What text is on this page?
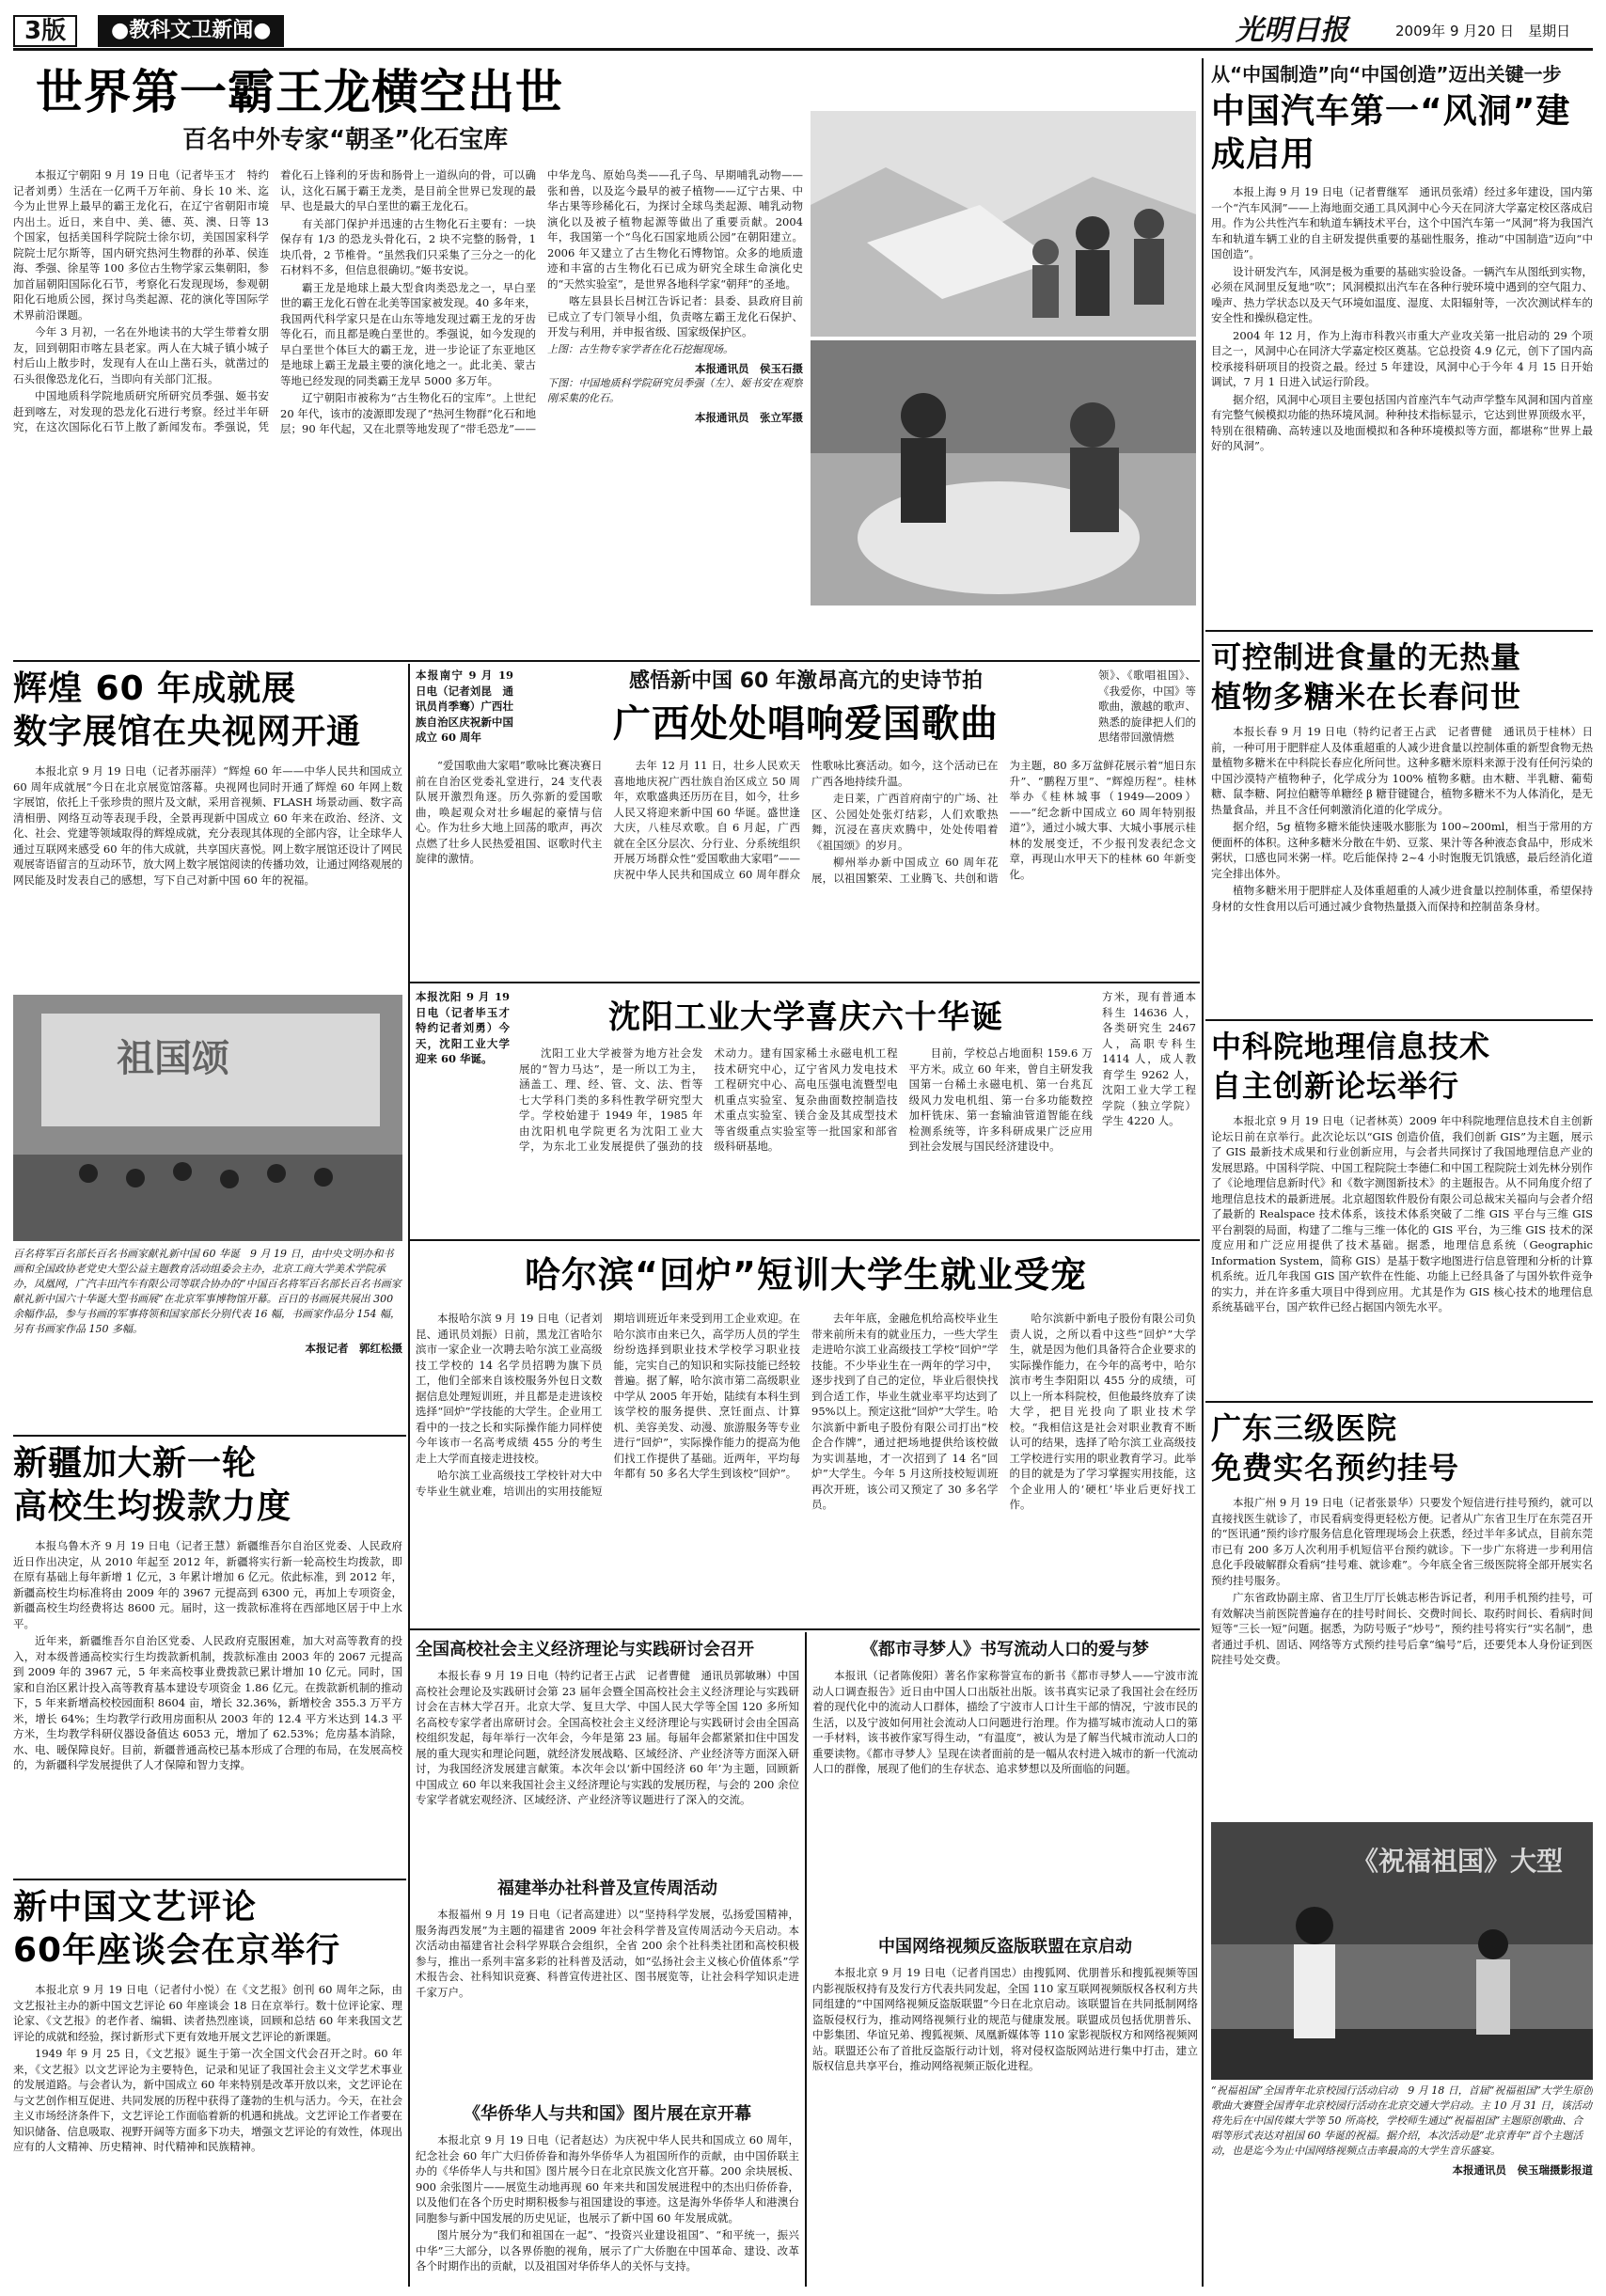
3版	●教科文卫新闻●	光明日报	2009年 9 月20 日　星期日
世界第一霸王龙横空出世
百名中外专家“朝圣”化石宝库

本报辽宁朝阳 9 月 19 日电（记者毕玉才　特约记者刘勇）生活在一亿两千万年前、身长 10 米、迄今为止世界上最早的霸王龙化石，在辽宁省朝阳市境内出土。近日，来自中、美、德、英、澳、日等 13 个国家，包括美国科学院院士徐尔切，美国国家科学院院士尼尔斯等，国内研究热河生物群的孙革、侯连海、季强、徐星等 100 多位古生物学家云集朝阳，参加首届朝阳国际化石节，考察化石发现现场，参观朝阳化石地质公园，探讨鸟类起源、花的演化等国际学术界前沿课题。

今年 3 月初，一名在外地读书的大学生带着女朋友，回到朝阳市喀左县老家。两人在大城子镇小城子村后山上散步时，发现有人在山上凿石头，就凿过的石头很像恐龙化石，当即向有关部门汇报。

中国地质科学院地质研究所研究员季强、姬书安赶到喀左，对发现的恐龙化石进行考察。经过半年研究，在这次国际化石节上散了新闻发布。季强说，凭着化石上锋利的牙齿和肠骨上一道纵向的骨，可以确认，这化石属于霸王龙类，是目前全世界已发现的最早、也是最大的早白垩世的霸王龙化石。

有关部门保护并迅速的古生物化石主要有：一块保存有 1/3 的恐龙头骨化石，2 块不完整的肠骨，1 块爪骨，2 节椎骨。“虽然我们只采集了三分之一的化石材料不多，但信息很确切。”姬书安说。

霸王龙是地球上最大型食肉类恐龙之一，早白垩世的霸王龙化石曾在北美等国家被发现。40 多年来，我国两代科学家只是在山东等地发现过霸王龙的牙齿等化石，而且都是晚白垩世的。季强说，如今发现的早白垩世个体巨大的霸王龙，进一步论证了东亚地区是地球上霸王龙最主要的演化地之一。此北美、蒙古等地已经发现的同类霸王龙早 5000 多万年。

辽宁朝阳市被称为“古生物化石的宝库”。上世纪 20 年代，该市的凌源即发现了“热河生物群”化石和地层；90 年代起，又在北票等地发现了“带毛恐龙”——中华龙鸟、原始鸟类——孔子鸟、早期哺乳动物——张和兽，以及迄今最早的被子植物——辽宁古果、中华古果等珍稀化石，为探讨全球鸟类起源、哺乳动物演化以及被子植物起源等做出了重要贡献。2004 年，我国第一个“鸟化石国家地质公园”在朝阳建立。2006 年又建立了古生物化石博物馆。众多的地质遗迹和丰富的古生物化石已成为研究全球生命演化史的“天然实验室”，是世界各地科学家“朝拜”的圣地。

喀左县县长吕树江告诉记者：县委、县政府目前已成立了专门领导小组，负责喀左霸王龙化石保护、开发与利用，并申报省级、国家级保护区。

上图：古生物专家学者在化石挖掘现场。
本报通讯员　侯玉石摄
下图：中国地质科学院研究员季强（左）、姬书安在观察刚采集的化石。
本报通讯员　张立军摄
从“中国制造”向“中国创造”迈出关键一步
中国汽车第一“风洞”建成启用

本报上海 9 月 19 日电（记者曹继军　通讯员张靖）经过多年建设，国内第一个“汽车风洞”——上海地面交通工具风洞中心今天在同济大学嘉定校区落成启用。作为公共性汽车和轨道车辆技术平台，这个中国汽车第一“风洞”将为我国汽车和轨道车辆工业的自主研发提供重要的基础性服务，推动“中国制造”迈向“中国创造”。

设计研发汽车，风洞是极为重要的基础实验设备。一辆汽车从图纸到实物，必须在风洞里反复地“吹”；风洞模拟出汽车在各种行驶环境中遇到的空气阻力、噪声、热力学状态以及天气环境如温度、湿度、太阳辐射等，一次次测试样车的安全性和操纵稳定性。

2004 年 12 月，作为上海市科教兴市重大产业攻关第一批启动的 29 个项目之一，风洞中心在同济大学嘉定校区奠基。它总投资 4.9 亿元，创下了国内高校承接科研项目的投资之最。经过 5 年建设，风洞中心于今年 4 月 15 日开始调试，7 月 1 日进入试运行阶段。

据介绍，风洞中心项目主要包括国内首座汽车气动声学整车风洞和国内首座有完整气候模拟功能的热环境风洞。种种技术指标显示，它达到世界顶级水平，特别在很精确、高转速以及地面模拟和各种环境模拟等方面，都堪称“世界上最好的风洞”。

辉煌 60 年成就展
数字展馆在央视网开通

本报北京 9 月 19 日电（记者苏丽萍）“辉煌 60 年——中华人民共和国成立 60 周年成就展”今日在北京展览馆落幕。央视网也同时开通了辉煌 60 年网上数字展馆，依托上千张珍贵的照片及文献，采用音视频、FLASH 场景动画、数字高清相册、网络互动等表现手段，全景再现新中国成立 60 年来在政治、经济、文化、社会、党建等领域取得的辉煌成就，充分表现其体现的全部内容，让全球华人通过互联网来感受 60 年的伟大成就，共享国庆喜悦。网上数字展馆还设计了网民观展寄语留言的互动环节，放大网上数字展馆阅读的传播功效，让通过网络观展的网民能及时发表自己的感想，写下自己对新中国 60 年的祝福。

祖国颂
百名将军百名部长百名书画家献礼新中国 60 华诞　9 月 19 日，由中央文明办和书画和全国政协老党史大型公益主题教育活动组委会主办，北京工商大学美术学院承办，凤凰网，广汽丰田汽车有限公司等联合协办的“中国百名将军百名部长百名书画家献礼新中国六十华诞大型书画展”在北京军事博物馆开幕。百日的书画展共展出 300 余幅作品，参与书画的军事将领和国家部长分别代表 16 幅，书画家作品分 154 幅，另有书画家作品 150 多幅。
本报记者　郭红松摄
新疆加大新一轮
高校生均拨款力度

本报乌鲁木齐 9 月 19 日电（记者王慧）新疆维吾尔自治区党委、人民政府近日作出决定，从 2010 年起至 2012 年，新疆将实行新一轮高校生均拨款，即在原有基础上每年新增 1 亿元，3 年累计增加 6 亿元。依此标准，到 2012 年，新疆高校生均标准将由 2009 年的 3967 元提高到 6300 元，再加上专项资金，新疆高校生均经费将达 8600 元。届时，这一拨款标准将在西部地区居于中上水平。

近年来，新疆维吾尔自治区党委、人民政府克服困难，加大对高等教育的投入，对本级普通高校实行生均拨款新机制，拨款标准由 2003 年的 2067 元提高到 2009 年的 3967 元，5 年来高校事业费拨款已累计增加 10 亿元。同时，国家和自治区累计投入高等教育基本建设专项资金 1.86 亿元。在拨款新机制的推动下，5 年来新增高校校园面积 8604 亩，增长 32.36%，新增校舍 355.3 万平方米，增长 64%；生均教学行政用房面积从 2003 年的 12.4 平方米达到 14.3 平方米，生均教学科研仪器设备值达 6053 元，增加了 62.53%；危房基本消除，水、电、暖保障良好。目前，新疆普通高校已基本形成了合理的布局，在发展高校的，为新疆科学发展提供了人才保障和智力支撑。

新中国文艺评论
60年座谈会在京举行

本报北京 9 月 19 日电（记者付小悦）在《文艺报》创刊 60 周年之际，由文艺报社主办的新中国文艺评论 60 年座谈会 18 日在京举行。数十位评论家、理论家、《文艺报》的老作者、编辑、读者热烈座谈，回顾和总结 60 年来我国文艺评论的成就和经验，探讨新形式下更有效地开展文艺评论的新课题。

1949 年 9 月 25 日，《文艺报》诞生于第一次全国文代会召开之时。60 年来，《文艺报》以文艺评论为主要特色，记录和见证了我国社会主义文学艺术事业的发展道路。与会者认为，新中国成立 60 年来特别是改革开放以来，文艺评论在与文艺创作相互促进、共同发展的历程中获得了蓬勃的生机与活力。今天，在社会主义市场经济条件下，文艺评论工作面临着新的机遇和挑战。文艺评论工作者要在知识储备、信息吸取、视野开阔等方面多下功夫，增强文艺评论的有效性，体现出应有的人文精神、历史精神、时代精神和民族精神。

本报南宁 9 月 19 日电（记者刘昆　通讯员肖季骞）广西壮族自治区庆祝新中国成立 60 周年
感悟新中国 60 年激昂高亢的史诗节拍
广西处处唱响爱国歌曲
领》、《歌唱祖国》、《我爱你，中国》等歌曲，激越的歌声、熟悉的旋律把人们的思绪带回激情燃

“爱国歌曲大家唱”歌咏比赛决赛日前在自治区党委礼堂进行，24 支代表队展开激烈角逐。历久弥新的爱国歌曲，唤起观众对壮乡崛起的豪情与信心。作为壮乡大地上回荡的歌声，再次点燃了壮乡人民热爱祖国、讴歌时代主旋律的激情。

去年 12 月 11 日，壮乡人民欢天喜地地庆祝广西壮族自治区成立 50 周年，欢歌盛典还历历在目，如今，壮乡人民又将迎来新中国 60 华诞。盛世逢大庆，八桂尽欢歌。自 6 月起，广西就在全区分层次、分行业、分系统组织开展万场群众性“爱国歌曲大家唱”——庆祝中华人民共和国成立 60 周年群众性歌咏比赛活动。如今，这个活动已在广西各地持续升温。

走日莱，广西首府南宁的广场、社区、公园处处张灯结彩，人们欢歌热舞，沉浸在喜庆欢腾中，处处传唱着《祖国颂》的岁月。

柳州举办新中国成立 60 周年花展，以祖国繁荣、工业腾飞、共创和谐为主题，80 多万盆鲜花展示着“旭日东升”、“鹏程万里”、“辉煌历程”。桂林举办《桂林城事（1949—2009）——“纪念新中国成立 60 周年特别报道”》，通过小城大事、大城小事展示桂林的发展变迁，不少报刊发表纪念文章，再现山水甲天下的桂林 60 年新变化。

本报沈阳 9 月 19 日电（记者毕玉才　特约记者刘勇）今天，沈阳工业大学迎来 60 华诞。
沈阳工业大学喜庆六十华诞

沈阳工业大学被誉为地方社会发展的“智力马达”，是一所以工为主，涵盖工、理、经、管、文、法、哲等七大学科门类的多科性教学研究型大学。学校始建于 1949 年，1985 年由沈阳机电学院更名为沈阳工业大学，为东北工业发展提供了强劲的技术动力。建有国家稀土永磁电机工程技术研究中心，辽宁省风力发电技术工程研究中心、高电压强电流暨型电机重点实验室、复杂曲面数控制造技术重点实验室、镁合金及其成型技术等省级重点实验室等一批国家和部省级科研基地。

目前，学校总占地面积 159.6 万平方米。成立 60 年来，曾自主研发我国第一台稀土永磁电机、第一台兆瓦级风力发电机组、第一台多功能数控加杆铣床、第一套输油管道智能在线检测系统等，许多科研成果广泛应用到社会发展与国民经济建设中。

方米，现有普通本科生 14636 人，各类研究生 2467 人，高职专科生 1414 人，成人教育学生 9262 人，沈阳工业大学工程学院（独立学院）学生 4220 人。
哈尔滨“回炉”短训大学生就业受宠

本报哈尔滨 9 月 19 日电（记者刘昆、通讯员刘振）日前，黑龙江省哈尔滨市一家企业一次聘去哈尔滨工业高级技工学校的 14 名学员招聘为旗下员工，他们全部来自该校服务外包日文数据信息处理短训班，并且都是走进该校选择“回炉”学技能的大学生。企业用工看中的一技之长和实际操作能力同样使今年该市一名高考成绩 455 分的考生走上大学而直接走进技校。

哈尔滨工业高级技工学校针对大中专毕业生就业难，培训出的实用技能短期培训班近年来受到用工企业欢迎。在哈尔滨市由来已久，高学历人员的学生纷纷选择到职业技术学校学习职业技能，完实自己的知识和实际技能已经较普遍。据了解，哈尔滨市第二高级职业中学从 2005 年开始，陆续有本科生到该学校的服务提供、烹饪面点、计算机、美容美发、动漫、旅游服务等专业进行“回炉”，实际操作能力的提高为他们找工作提供了基础。近两年，平均每年都有 50 多名大学生到该校“回炉”。

去年年底，金融危机给高校毕业生带来前所未有的就业压力，一些大学生走进哈尔滨工业高级技工学校“回炉”学技能。不少毕业生在一两年的学习中，逐步找到了自己的定位，毕业后很快找到合适工作，毕业生就业率平均达到了95%以上。预定这批“回炉”大学生。哈尔滨新中新电子股份有限公司打出“校企合作牌”，通过把场地提供给该校做为实训基地，才一次招到了 14 名“回炉”大学生。今年 5 月这所技校短训班再次开班，该公司又预定了 30 多名学员。

哈尔滨新中新电子股份有限公司负责人说，之所以看中这些“回炉”大学生，就是因为他们具备符合企业要求的实际操作能力，在今年的高考中，哈尔滨市考生李阳阳以 455 分的成绩，可以上一所本科院校，但他最终放弃了读大学，把目光投向了职业技术学校。“我相信这是社会对职业教育不断认可的结果，选择了哈尔滨工业高级技工学校进行实用的职业教育学习。此举的目的就是为了学习掌握实用技能，这个企业用人的‘硬杠’毕业后更好找工作。

全国高校社会主义经济理论与实践研讨会召开

本报长春 9 月 19 日电（特约记者王占武　记者曹健　通讯员郭敏琳）中国高校社会理论及实践研讨会第 23 届年会暨全国高校社会主义经济理论与实践研讨会在吉林大学召开。北京大学、复旦大学、中国人民大学等全国 120 多所知名高校专家学者出席研讨会。全国高校社会主义经济理论与实践研讨会由全国高校组织发起，每年举行一次年会，今年是第 23 届。每届年会都紧紧扣住中国发展的重大现实和理论问题，就经济发展战略、区域经济、产业经济等方面深入研讨，为我国经济发展建言献策。本次年会以‘新中国经济 60 年’为主题，回顾新中国成立 60 年以来我国社会主义经济理论与实践的发展历程，与会的 200 余位专家学者就宏观经济、区域经济、产业经济等议题进行了深入的交流。

福建举办社科普及宣传周活动

本报福州 9 月 19 日电（记者高建进）以“坚持科学发展，弘扬爱国精神，服务海西发展”为主题的福建省 2009 年社会科学普及宣传周活动今天启动。本次活动由福建省社会科学界联合会组织，全省 200 余个社科类社团和高校积极参与，推出一系列丰富多彩的社科普及活动，如“弘扬社会主义核心价值体系”学术报告会、社科知识竞赛、科普宣传进社区、图书展览等，让社会科学知识走进千家万户。

《华侨华人与共和国》图片展在京开幕

本报北京 9 月 19 日电（记者赵达）为庆祝中华人民共和国成立 60 周年，纪念社会 60 年广大归侨侨眷和海外华侨华人为祖国所作的贡献，由中国侨联主办的《华侨华人与共和国》图片展今日在北京民族文化宫开幕。200 余块展板、900 余张图片——展览生动地再现 60 年来共和国发展进程中的杰出归侨侨眷，以及他们在各个历史时期积极参与祖国建设的事迹。这是海外华侨华人和港澳台同胞参与新中国发展的历史见证，也展示了新中国 60 年发展成就。

图片展分为“我们和祖国在一起”、“投资兴业建设祖国”、“和平统一，振兴中华”三大部分，以各界侨胞的视角，展示了广大侨胞在中国革命、建设、改革各个时期作出的贡献，以及祖国对华侨华人的关怀与支持。

《都市寻梦人》书写流动人口的爱与梦

本报讯（记者陈俊阳）著名作家称誉宣布的新书《都市寻梦人——宁波市流动人口调查报告》近日由中国人口出版社出版。该书真实记录了我国社会在经历着的现代化中的流动人口群体，描绘了宁波市人口计生干部的情况，宁波市民的生活，以及宁波如何用社会流动人口问题进行治理。作为描写城市流动人口的第一手材料，该书被作家写得生动，“有温度”，被认为是了解当代城市流动人口的重要读物。《都市寻梦人》呈现在读者面前的是一幅从农村进入城市的新一代流动人口的群像，展现了他们的生存状态、追求梦想以及所面临的问题。

中国网络视频反盗版联盟在京启动

本报北京 9 月 19 日电（记者肖国忠）由搜狐网、优朋普乐和搜狐视频等国内影视版权持有及发行方代表共同发起，全国 110 家互联网视频版权各权利方共同组建的“中国网络视频反盗版联盟”今日在北京启动。该联盟旨在共同抵制网络盗版侵权行为，推动网络视频行业的规范与健康发展。联盟成员包括优朋普乐、中影集团、华谊兄弟、搜狐视频、凤凰新媒体等 110 家影视版权方和网络视频网站。联盟还公布了首批反盗版行动计划，将对侵权盗版网站进行集中打击，建立版权信息共享平台，推动网络视频正版化进程。

可控制进食量的无热量
植物多糖米在长春问世

本报长春 9 月 19 日电（特约记者王占武　记者曹健　通讯员于桂林）日前，一种可用于肥胖症人及体重超重的人减少进食量以控制体重的新型食物无热量植物多糖米在中科院长春应化所问世。这种多糖米原料来源于没有任何污染的中国沙漠特产植物种子，化学成分为 100% 植物多糖。由木糖、半乳糖、葡萄糖、鼠李糖、阿拉伯糖等单糖经 β 糖苷键键合，植物多糖米不为人体消化，是无热量食品，并且不含任何刺激消化道的化学成分。

据介绍，5g 植物多糖米能快速吸水膨胀为 100~200ml，相当于常用的方便面杯的体积。这种多糖米分散在牛奶、豆浆、果汁等各种液态食品中，形成米粥状，口感也同米粥一样。吃后能保持 2~4 小时饱腹无饥饿感，最后经消化道完全排出体外。

植物多糖米用于肥胖症人及体重超重的人减少进食量以控制体重，希望保持身材的女性食用以后可通过减少食物热量摄入而保持和控制苗条身材。

中科院地理信息技术
自主创新论坛举行

本报北京 9 月 19 日电（记者林英）2009 年中科院地理信息技术自主创新论坛日前在京举行。此次论坛以“GIS 创造价值，我们创新 GIS”为主题，展示了 GIS 最新技术成果和行业创新应用，与会者共同探讨了我国地理信息产业的发展思路。中国科学院、中国工程院院士李德仁和中国工程院院士刘先林分别作了《论地理信息新时代》和《数字测图新技术》的主题报告。从不同角度介绍了地理信息技术的最新进展。北京超图软件股份有限公司总裁宋关福向与会者介绍了最新的 Realspace 技术体系，该技术体系突破了二维 GIS 平台与三维 GIS 平台割裂的局面，构建了二维与三维一体化的 GIS 平台，为三维 GIS 技术的深度应用和广泛应用提供了技术基础。据悉，地理信息系统（Geographic Information System，简称 GIS）是基于数字地图进行信息管理和分析的计算机系统。近几年我国 GIS 国产软件在性能、功能上已经具备了与国外软件竞争的实力，并在许多重大项目中得到应用。尤其是作为 GIS 核心技术的地理信息系统基础平台，国产软件已经占据国内领先水平。

广东三级医院
免费实名预约挂号

本报广州 9 月 19 日电（记者张景华）只要发个短信进行挂号预约，就可以直接找医生就诊了，市民看病变得更轻松方便。记者从广东省卫生厅在东莞召开的“医讯通”预约诊疗服务信息化管理现场会上获悉，经过半年多试点，目前东莞市已有 200 多万人次利用手机短信平台预约就诊。下一步广东将进一步利用信息化手段破解群众看病“挂号难、就诊难”。今年底全省三级医院将全部开展实名预约挂号服务。

广东省政协副主席、省卫生厅厅长姚志彬告诉记者，利用手机预约挂号，可有效解决当前医院普遍存在的挂号时间长、交费时间长、取药时间长、看病时间短等“三长一短”问题。据悉，为防号贩子“炒号”，预约挂号将实行“实名制”，患者通过手机、固话、网络等方式预约挂号后拿“编号”后，还要凭本人身份证到医院挂号处交费。

《祝福祖国》大型
“祝福祖国”全国青年北京校园行活动启动　9 月 18 日，首届“祝福祖国”大学生原创歌曲大赛暨全国青年北京校园行活动在北京交通大学启动。主 10 月 31 日，该活动将先后在中国传媒大学等 50 所高校，学校师生通过“祝福祖国”主题原创歌曲、合唱等形式表达对祖国 60 华诞的祝福。据介绍，本次活动是“北京青年”首个主题活动，也是迄今为止中国网络视频点击率最高的大学生音乐盛宴。
本报通讯员　侯玉瑞摄影报道
